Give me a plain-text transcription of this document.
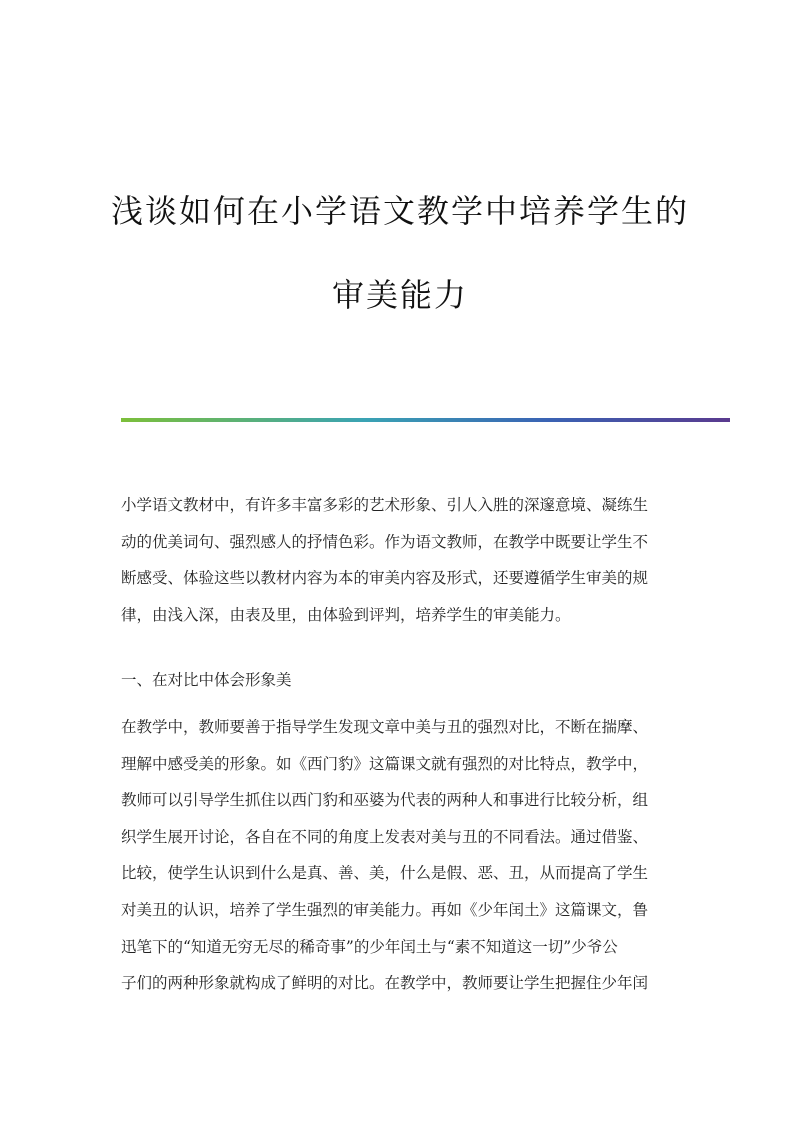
浅谈如何在小学语文教学中培养学生的
审美能力

小学语文教材中，有许多丰富多彩的艺术形象、引人入胜的深邃意境、凝练生

动的优美词句、强烈感人的抒情色彩。作为语文教师，在教学中既要让学生不

断感受、体验这些以教材内容为本的审美内容及形式，还要遵循学生审美的规

律，由浅入深，由表及里，由体验到评判，培养学生的审美能力。

一、在对比中体会形象美

在教学中，教师要善于指导学生发现文章中美与丑的强烈对比，不断在揣摩、

理解中感受美的形象。如《西门豹》这篇课文就有强烈的对比特点，教学中，

教师可以引导学生抓住以西门豹和巫婆为代表的两种人和事进行比较分析，组

织学生展开讨论，各自在不同的角度上发表对美与丑的不同看法。通过借鉴、

比较，使学生认识到什么是真、善、美，什么是假、恶、丑，从而提高了学生

对美丑的认识，培养了学生强烈的审美能力。再如《少年闰土》这篇课文，鲁

迅笔下的“知道无穷无尽的稀奇事”的少年闰土与“素不知道这一切”少爷公

子们的两种形象就构成了鲜明的对比。在教学中，教师要让学生把握住少年闰
